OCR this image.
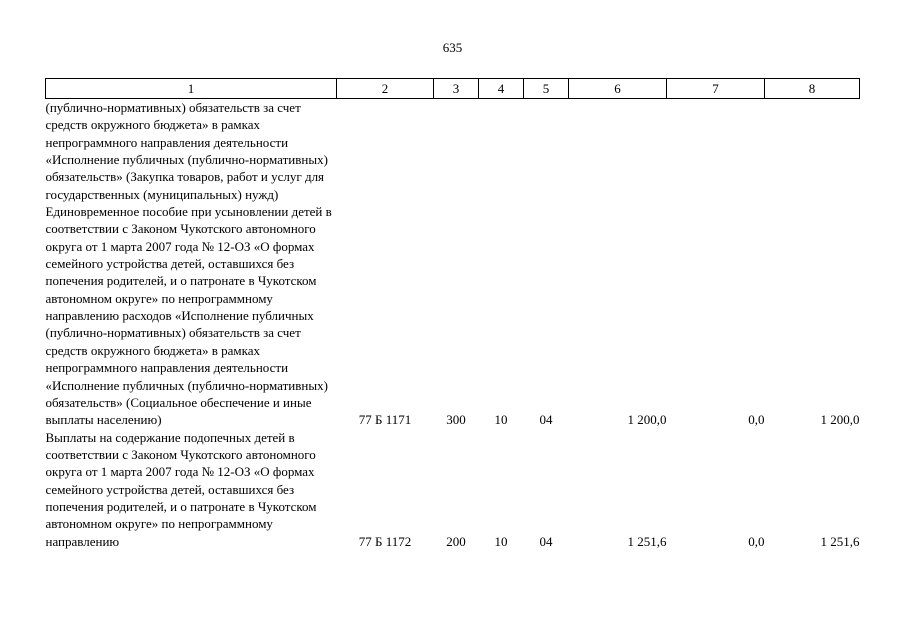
635
1	2	3	4	5	6	7	8
(публично-нормативных) обязательств за счет средств окружного бюджета» в рамках непрограммного направления деятельности «Исполнение публичных (публично-нормативных) обязательств» (Закупка товаров, работ и услуг для государственных (муниципальных) нужд)							
Единовременное пособие при усыновлении детей в соответствии с Законом Чукотского автономного округа от 1 марта 2007 года № 12-ОЗ «О формах семейного устройства детей, оставшихся без попечения родителей, и о патронате в Чукотском автономном округе» по непрограммному направлению расходов «Исполнение публичных (публично-нормативных) обязательств за счет средств окружного бюджета» в рамках непрограммного направления деятельности «Исполнение публичных (публично-нормативных) обязательств» (Социальное обеспечение и иные выплаты населению)	77 Б 1171	300	10	04	1 200,0	0,0	1 200,0
Выплаты на содержание подопечных детей в соответствии с Законом Чукотского автономного округа от 1 марта 2007 года № 12-ОЗ «О формах семейного устройства детей, оставшихся без попечения родителей, и о патронате в Чукотском автономном округе» по непрограммному направлению	77 Б 1172	200	10	04	1 251,6	0,0	1 251,6
